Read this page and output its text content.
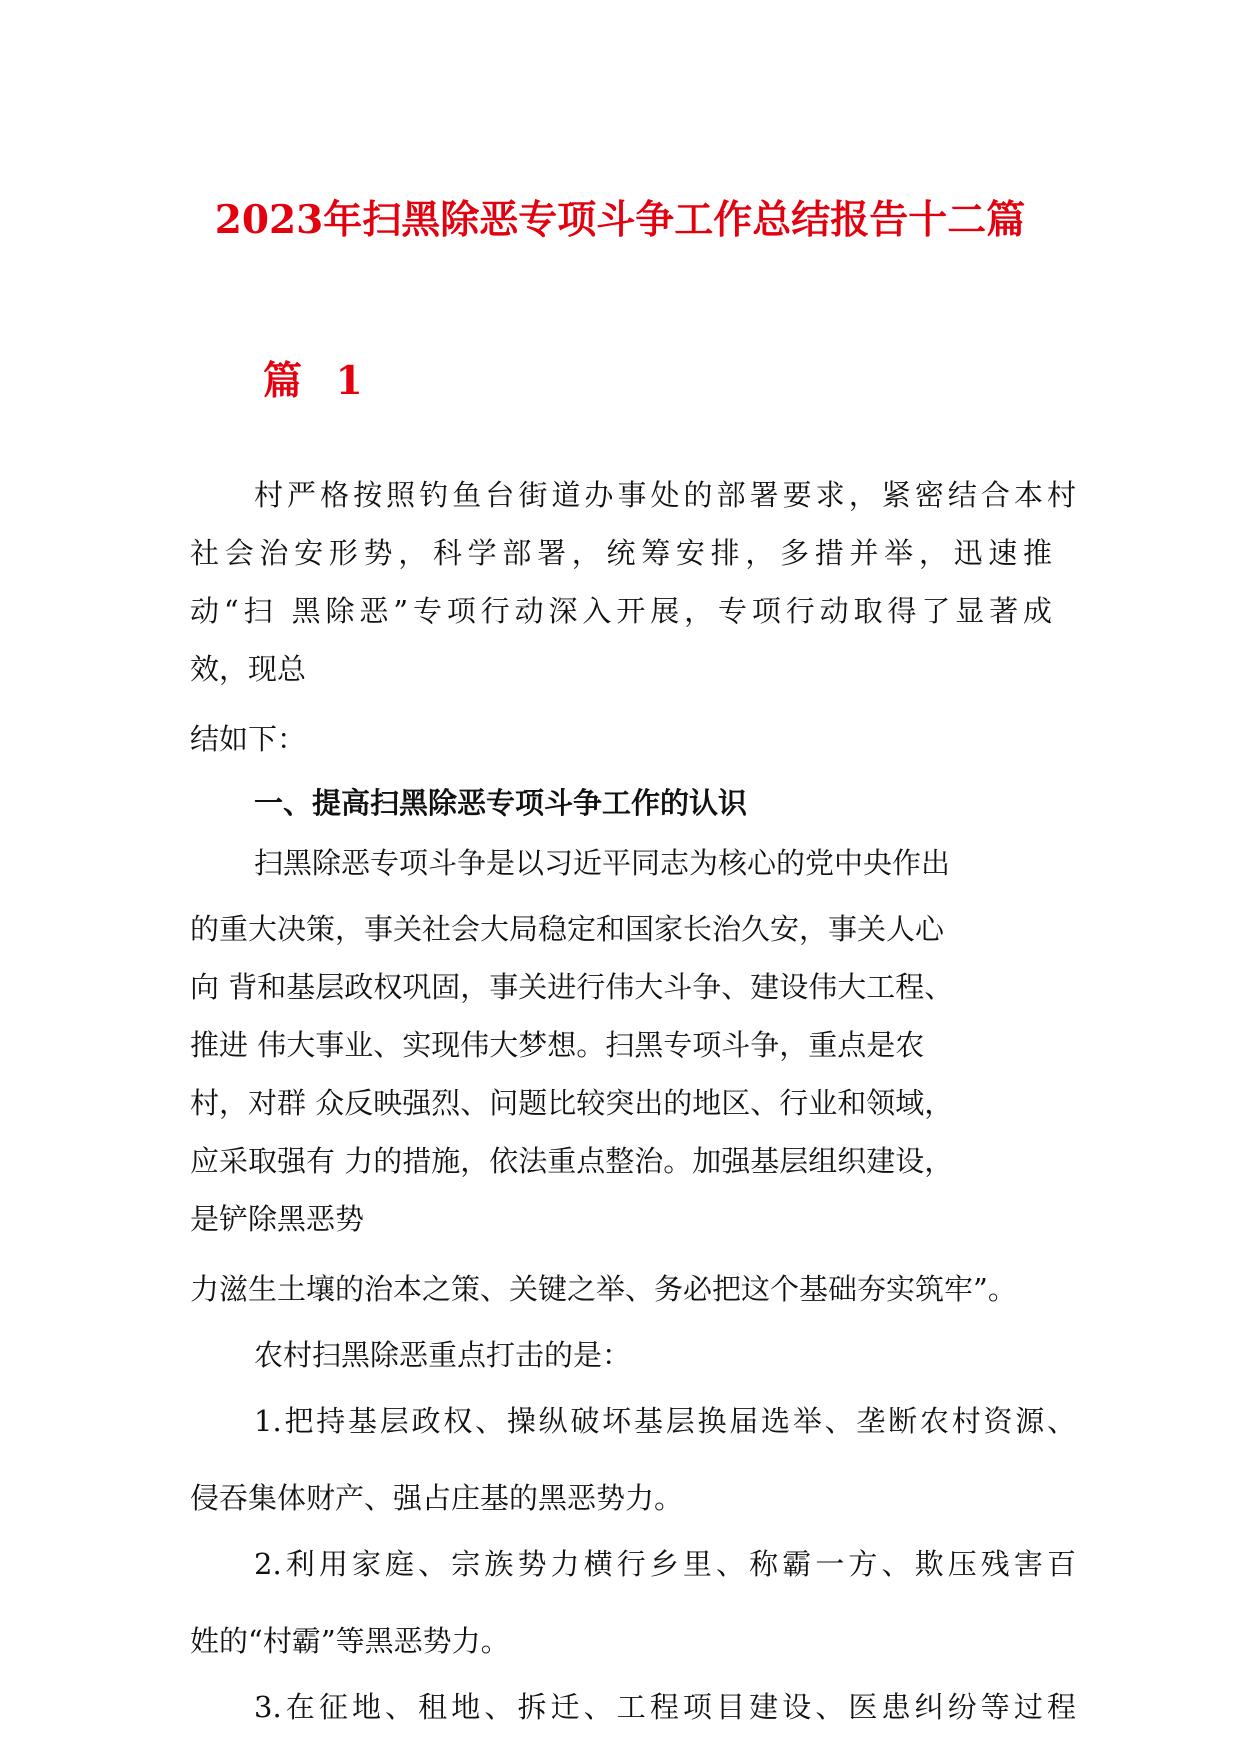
2023年扫黑除恶专项斗争工作总结报告十二篇
篇 1

村严格按照钓鱼台街道办事处的部署要求，紧密结合本村

社会治安形势，科学部署，统筹安排，多措并举，迅速推

动“扫 黑除恶”专项行动深入开展，专项行动取得了显著成

效，现总

结如下：

一、提高扫黑除恶专项斗争工作的认识

扫黑除恶专项斗争是以习近平同志为核心的党中央作出

的重大决策，事关社会大局稳定和国家长治久安，事关人心

向 背和基层政权巩固，事关进行伟大斗争、建设伟大工程、

推进 伟大事业、实现伟大梦想。扫黑专项斗争，重点是农

村，对群 众反映强烈、问题比较突出的地区、行业和领域，

应采取强有 力的措施，依法重点整治。加强基层组织建设，

是铲除黑恶势

力滋生土壤的治本之策、关键之举、务必把这个基础夯实筑牢”。

农村扫黑除恶重点打击的是：

1.把持基层政权、操纵破坏基层换届选举、垄断农村资源、

侵吞集体财产、强占庄基的黑恶势力。

2.利用家庭、宗族势力横行乡里、称霸一方、欺压残害百

姓的“村霸”等黑恶势力。

3.在征地、租地、拆迁、工程项目建设、医患纠纷等过程
